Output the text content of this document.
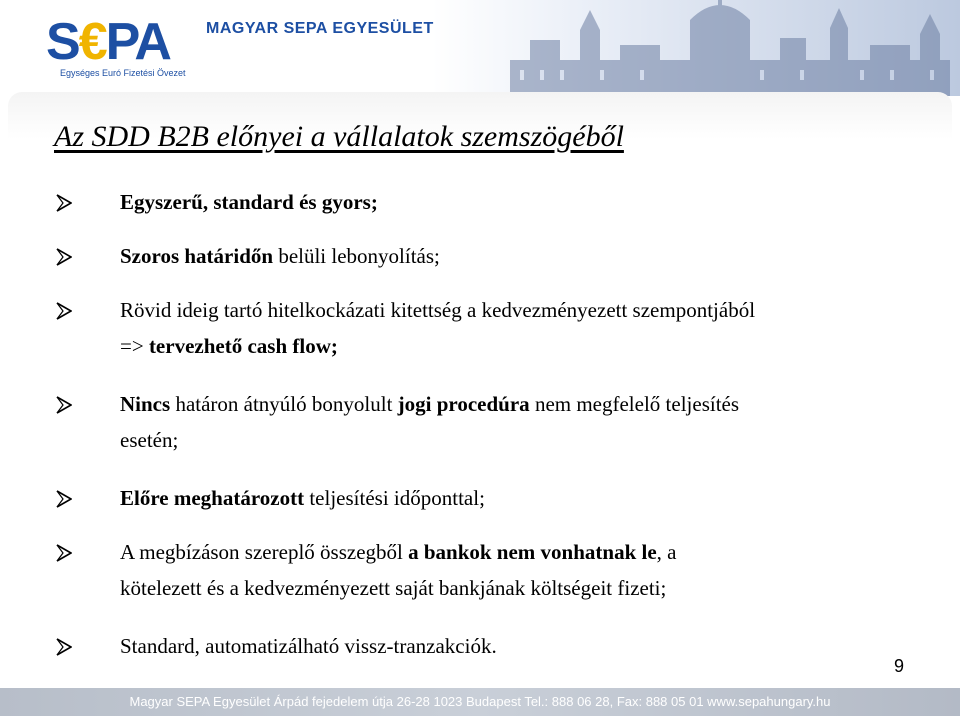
S€PA
Egységes Euró Fizetési Övezet
MAGYAR SEPA EGYESÜLET
Az SDD B2B előnyei a vállalatok szemszögéből
Egyszerű, standard és gyors;
Szoros határidőn belüli lebonyolítás;
Rövid ideig tartó hitelkockázati kitettség a kedvezményezett szempontjából
=> tervezhető cash flow;
Nincs határon átnyúló bonyolult jogi procedúra nem megfelelő teljesítés
esetén;
Előre meghatározott teljesítési időponttal;
A megbízáson szereplő összegből a bankok nem vonhatnak le, a
kötelezett és a kedvezményezett saját bankjának költségeit fizeti;
Standard, automatizálható vissz-tranzakciók.
9
Magyar SEPA Egyesület Árpád fejedelem útja 26-28 1023 Budapest Tel.: 888 06 28, Fax: 888 05 01 www.sepahungary.hu
